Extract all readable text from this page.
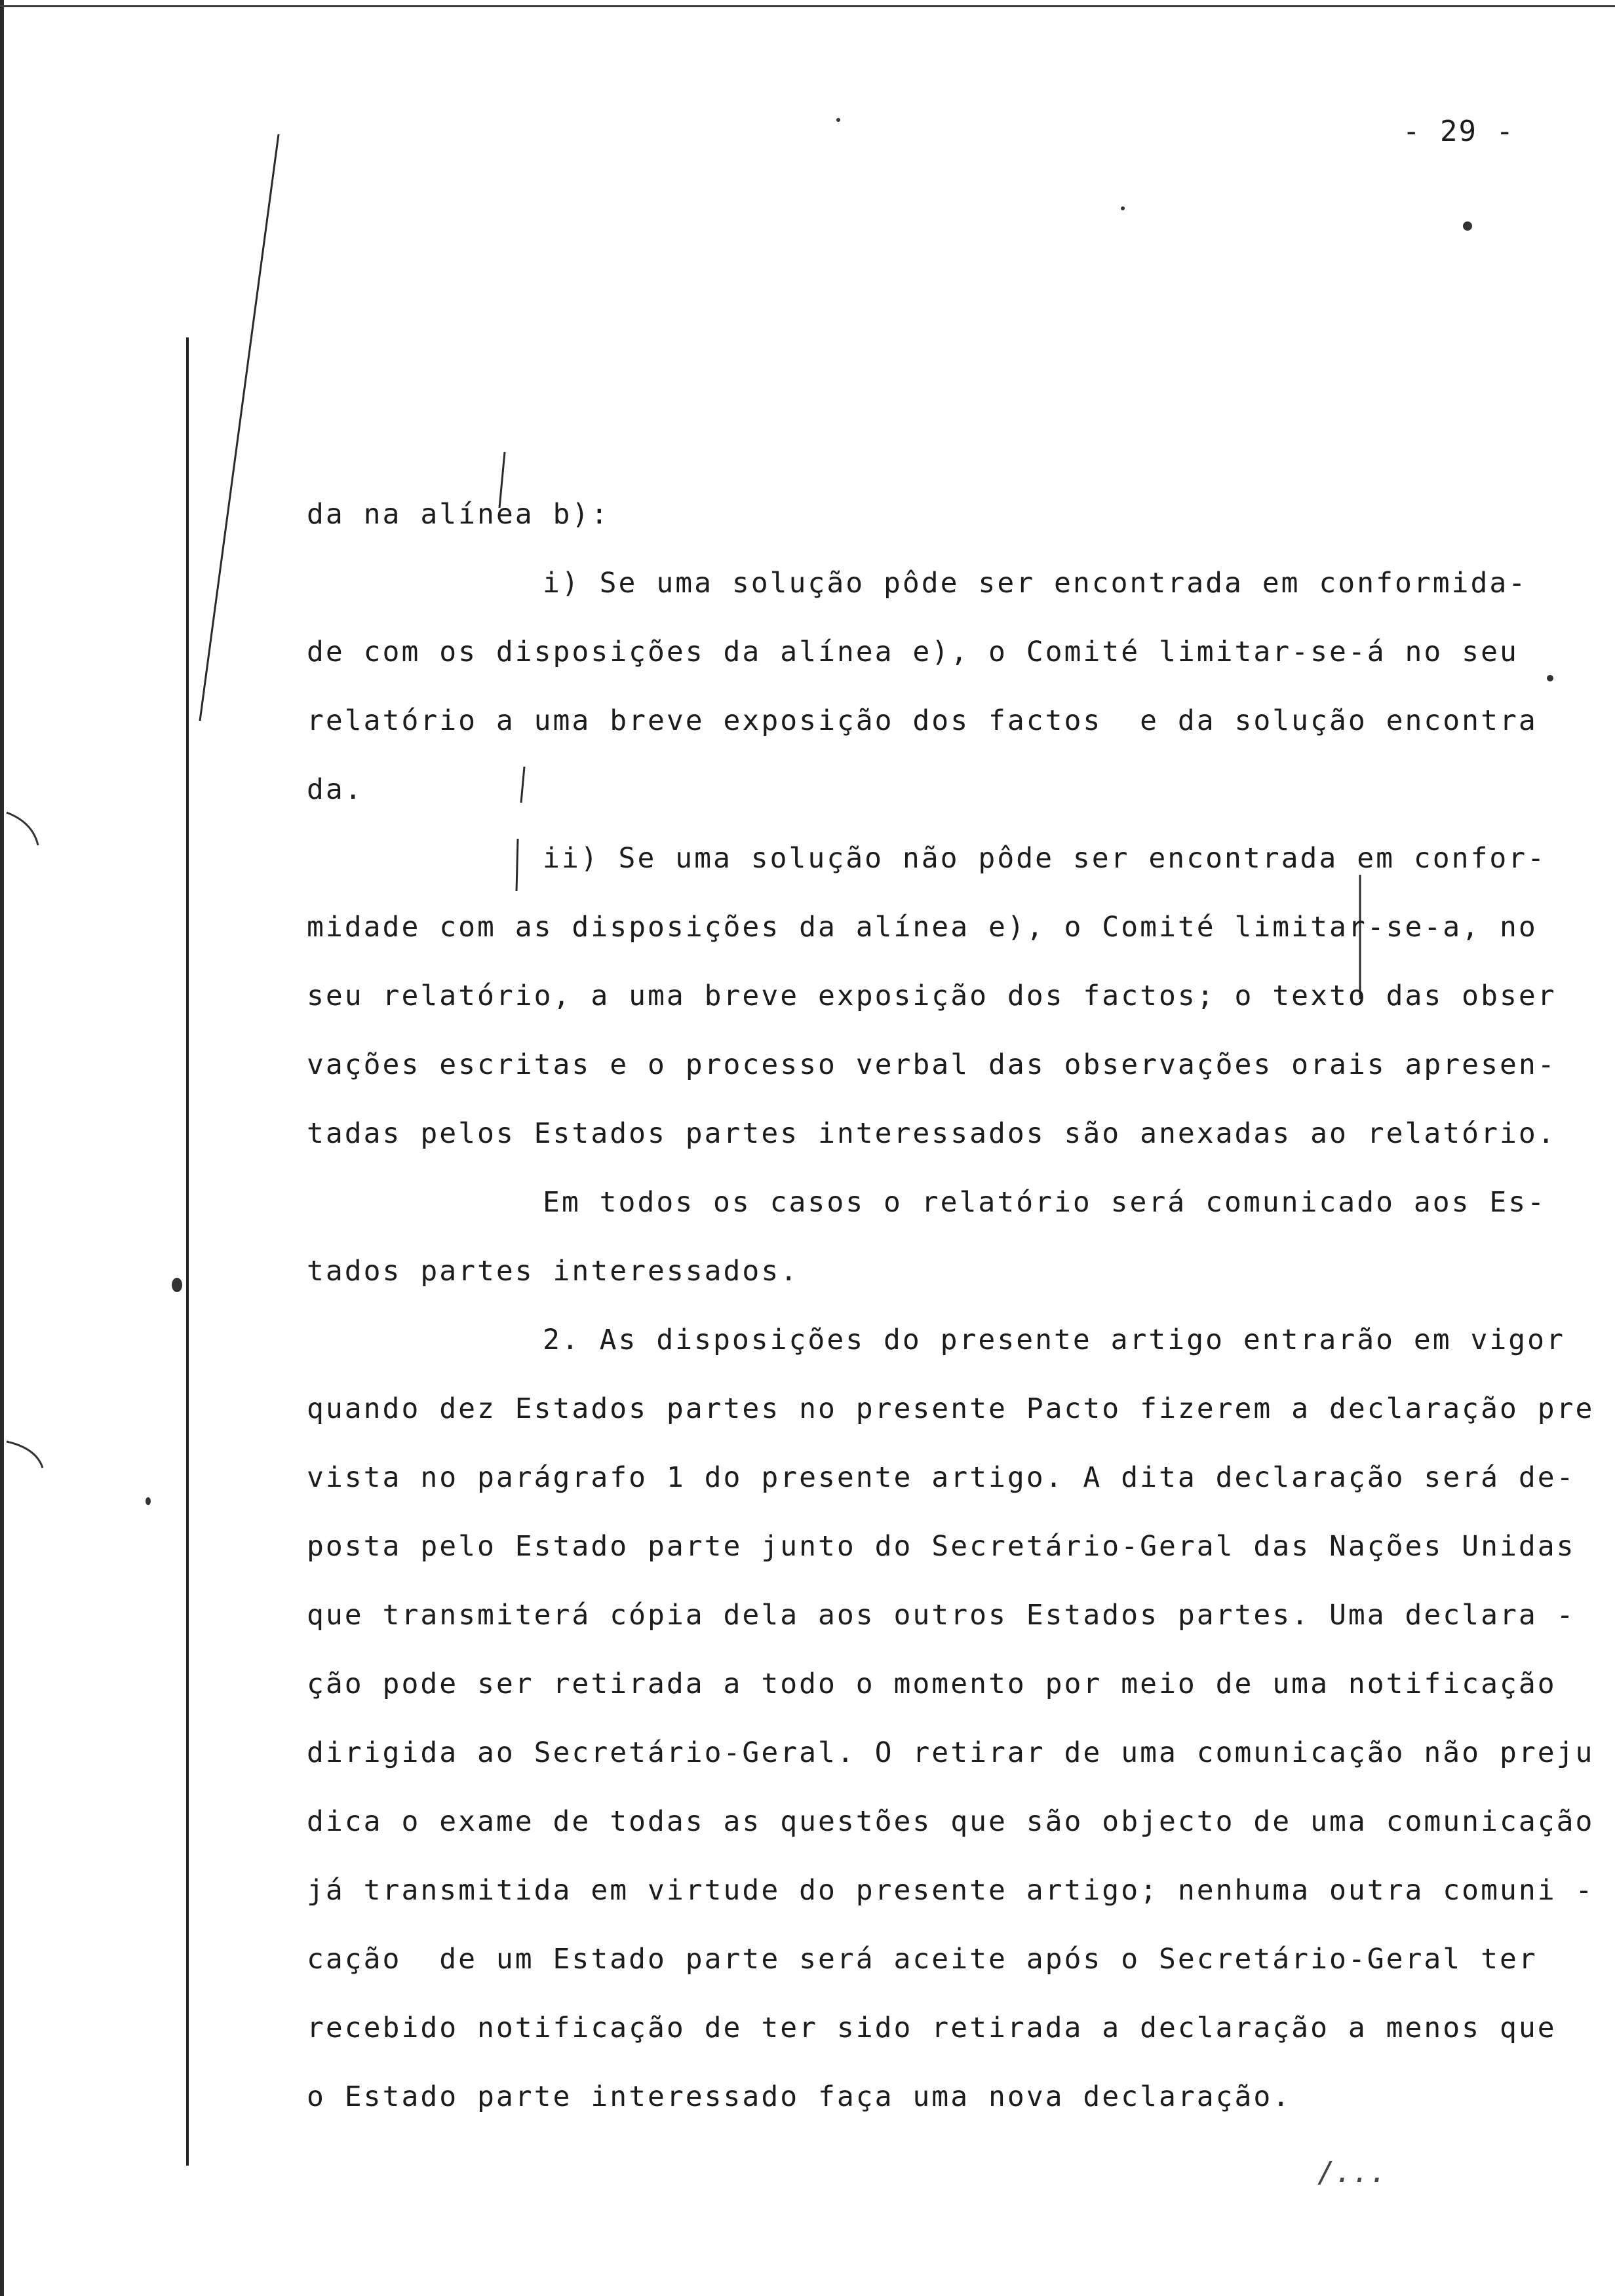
- 29 -
da na alínea b):
i) Se uma solução pôde ser encontrada em conformida-
de com os disposições da alínea e), o Comité limitar-se-á no seu
relatório a uma breve exposição dos factos  e da solução encontra
da.
ii) Se uma solução não pôde ser encontrada em confor-
midade com as disposições da alínea e), o Comité limitar-se-a, no
seu relatório, a uma breve exposição dos factos; o texto das obser
vações escritas e o processo verbal das observações orais apresen-
tadas pelos Estados partes interessados são anexadas ao relatório.
Em todos os casos o relatório será comunicado aos Es-
tados partes interessados.
2. As disposições do presente artigo entrarão em vigor
quando dez Estados partes no presente Pacto fizerem a declaração pre
vista no parágrafo 1 do presente artigo. A dita declaração será de-
posta pelo Estado parte junto do Secretário-Geral das Nações Unidas
que transmiterá cópia dela aos outros Estados partes. Uma declara -
ção pode ser retirada a todo o momento por meio de uma notificação
dirigida ao Secretário-Geral. O retirar de uma comunicação não preju
dica o exame de todas as questões que são objecto de uma comunicação
já transmitida em virtude do presente artigo; nenhuma outra comuni -
cação  de um Estado parte será aceite após o Secretário-Geral ter
recebido notificação de ter sido retirada a declaração a menos que
o Estado parte interessado faça uma nova declaração.
/...
